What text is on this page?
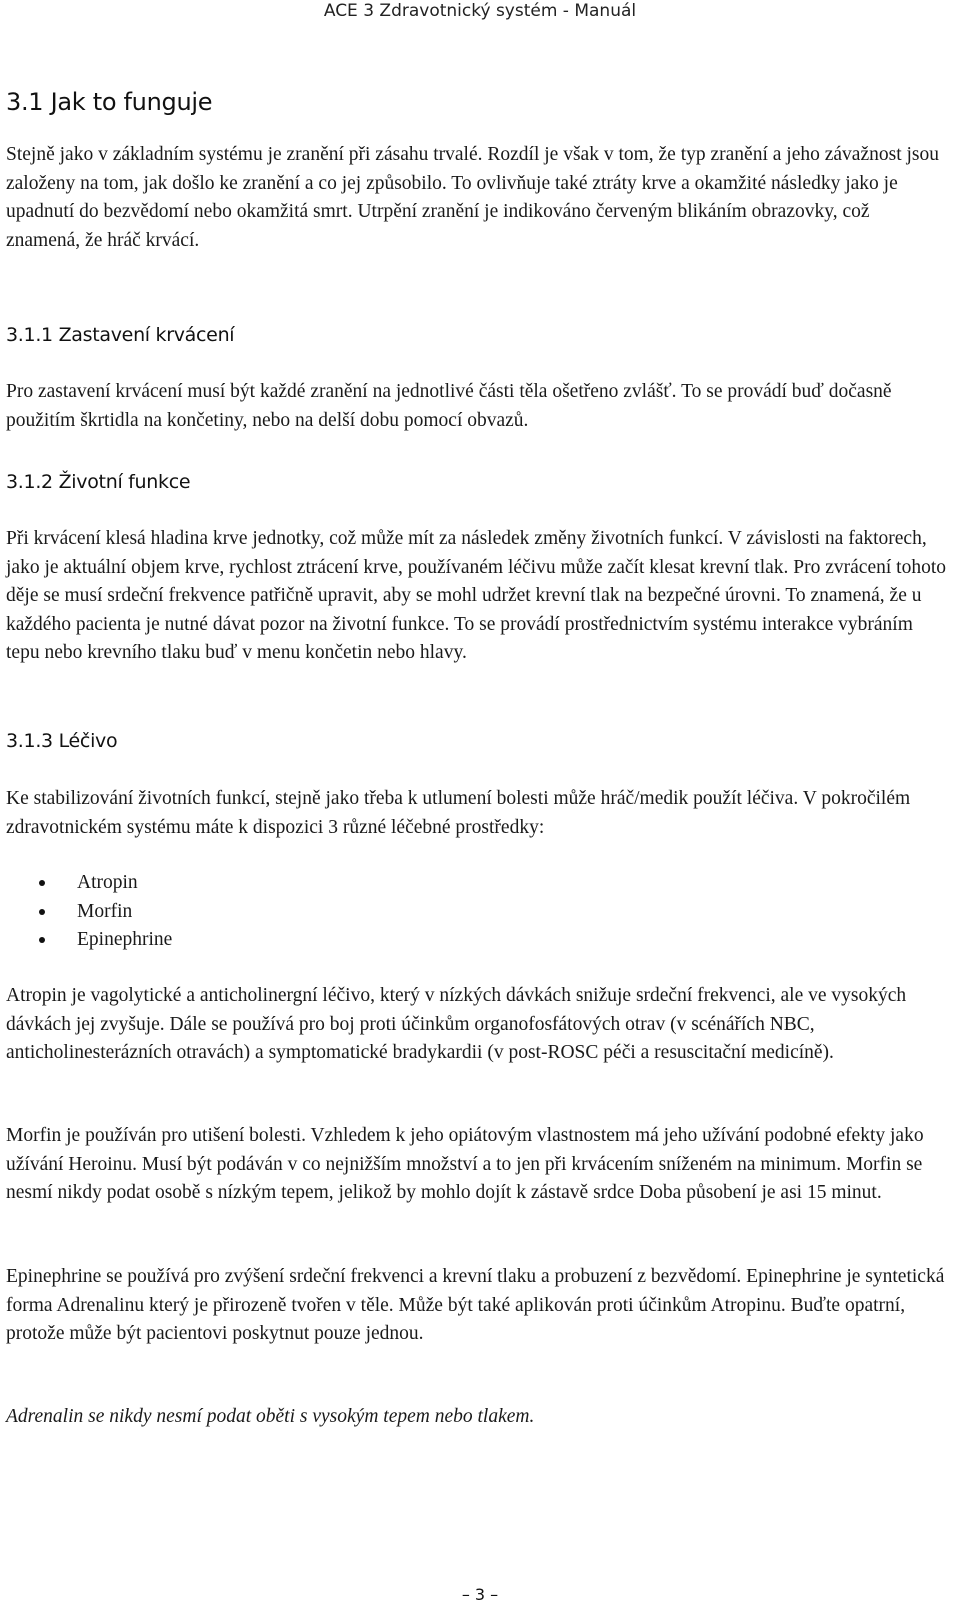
ACE 3 Zdravotnický systém - Manuál
3.1 Jak to funguje
Stejně jako v základním systému je zranění při zásahu trvalé. Rozdíl je však v tom, že typ zranění a jeho závažnost jsou založeny na tom, jak došlo ke zranění a co jej způsobilo. To ovlivňuje také ztráty krve a okamžité následky jako je upadnutí do bezvědomí nebo okamžitá smrt. Utrpění zranění je indikováno červeným blikáním obrazovky, což znamená, že hráč krvácí.
3.1.1 Zastavení krvácení
Pro zastavení krvácení musí být každé zranění na jednotlivé části těla ošetřeno zvlášť. To se provádí buď dočasně použitím škrtidla na končetiny, nebo na delší dobu pomocí obvazů.
3.1.2 Životní funkce
Při krvácení klesá hladina krve jednotky, což může mít za následek změny životních funkcí. V závislosti na faktorech, jako je aktuální objem krve, rychlost ztrácení krve, používaném léčivu může začít klesat krevní tlak. Pro zvrácení tohoto děje se musí srdeční frekvence patřičně upravit, aby se mohl udržet krevní tlak na bezpečné úrovni. To znamená, že u každého pacienta je nutné dávat pozor na životní funkce. To se provádí prostřednictvím systému interakce vybráním tepu nebo krevního tlaku buď v menu končetin nebo hlavy.
3.1.3 Léčivo
Ke stabilizování životních funkcí, stejně jako třeba k utlumení bolesti může hráč/medik použít léčiva. V pokročilém zdravotnickém systému máte k dispozici 3 různé léčebné prostředky:
Atropin
Morfin
Epinephrine
Atropin je vagolytické a anticholinergní léčivo, který v nízkých dávkách snižuje srdeční frekvenci, ale ve vysokých dávkách jej zvyšuje. Dále se používá pro boj proti účinkům organofosfátových otrav (v scénářích NBC, anticholinesterázních otravách) a symptomatické bradykardii (v post-ROSC péči a resuscitační medicíně).
Morfin je používán pro utišení bolesti. Vzhledem k jeho opiátovým vlastnostem má jeho užívání podobné efekty jako užívání Heroinu. Musí být podáván v co nejnižším množství a to jen při krvácením sníženém na minimum. Morfin se nesmí nikdy podat osobě s nízkým tepem, jelikož by mohlo dojít k zástavě srdce Doba působení je asi 15 minut.
Epinephrine se používá pro zvýšení srdeční frekvenci a krevní tlaku a probuzení z bezvědomí. Epinephrine je syntetická forma Adrenalinu který je přirozeně tvořen v těle. Může být také aplikován proti účinkům Atropinu. Buďte opatrní, protože může být pacientovi poskytnut pouze jednou.
Adrenalin se nikdy nesmí podat oběti s vysokým tepem nebo tlakem.
– 3 –
